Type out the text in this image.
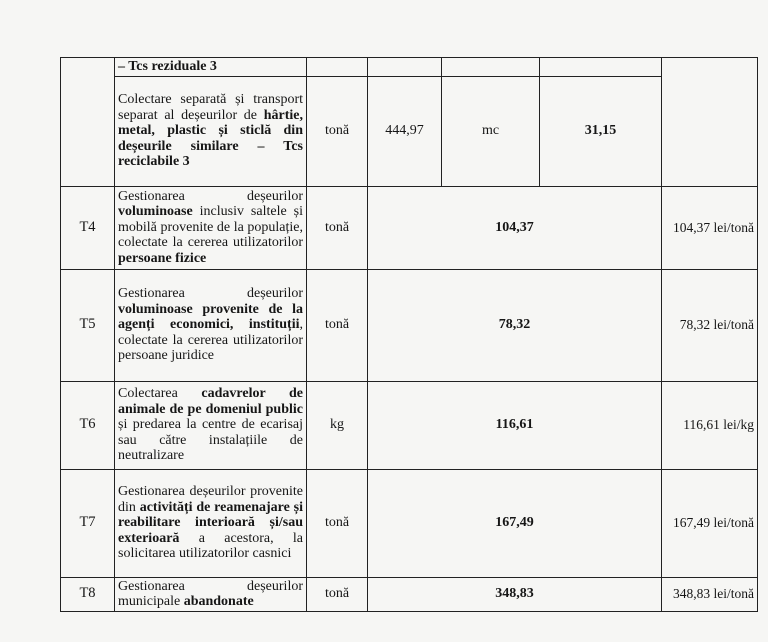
	– Tcs reziduale 3					
	Colectare separată și transport separat al deșeurilor de hârtie, metal, plastic și sticlă din deșeurile similare – Tcs reciclabile 3	tonă	444,97	mc	31,15	
T4	Gestionarea deșeurilor voluminoase inclusiv saltele și mobilă provenite de la populație, colectate la cererea utilizatorilor persoane fizice	tonă	104,37			104,37 lei/tonă
T5	Gestionarea deșeurilor voluminoase provenite de la agenți economici, instituții, colectate la cererea utilizatorilor persoane juridice	tonă	78,32			78,32 lei/tonă
T6	Colectarea cadavrelor de animale de pe domeniul public și predarea la centre de ecarisaj sau către instalațiile de neutralizare	kg	116,61			116,61 lei/kg
T7	Gestionarea deșeurilor provenite din activități de reamenajare și reabilitare interioară și/sau exterioară a acestora, la solicitarea utilizatorilor casnici	tonă	167,49			167,49 lei/tonă
T8	Gestionarea deșeurilor municipale abandonate	tonă	348,83			348,83 lei/tonă
